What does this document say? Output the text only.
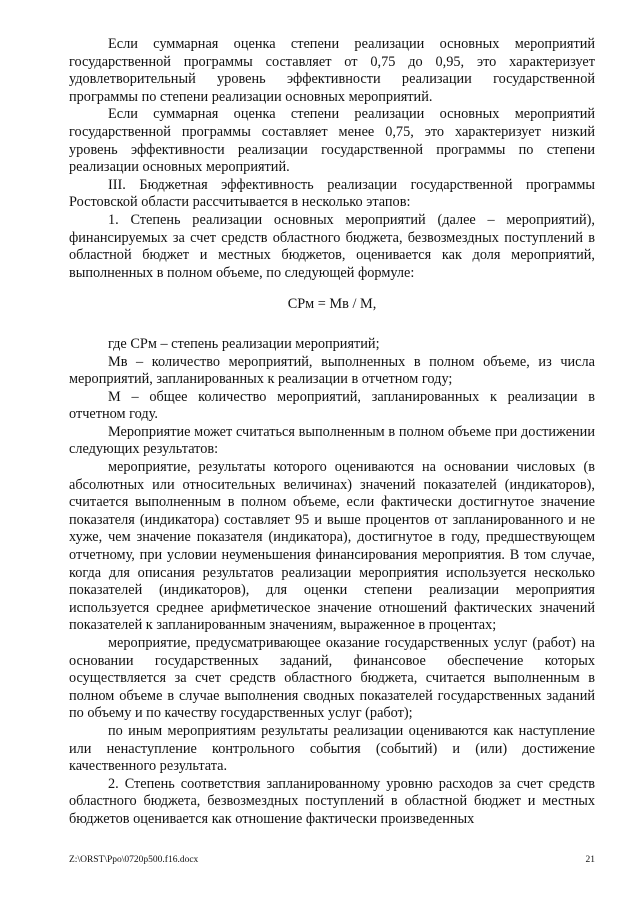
Если суммарная оценка степени реализации основных мероприятий государственной программы составляет от 0,75 до 0,95, это характеризует удовлетворительный уровень эффективности реализации государственной программы по степени реализации основных мероприятий.

Если суммарная оценка степени реализации основных мероприятий государственной программы составляет менее 0,75, это характеризует низкий уровень эффективности реализации государственной программы по степени реализации основных мероприятий.

III. Бюджетная эффективность реализации государственной программы Ростовской области рассчитывается в несколько этапов:

1. Степень реализации основных мероприятий (далее – мероприятий), финансируемых за счет средств областного бюджета, безвозмездных поступлений в областной бюджет и местных бюджетов, оценивается как доля мероприятий, выполненных в полном объеме, по следующей формуле:

СРм = Мв / М,

где СРм – степень реализации мероприятий;

Мв – количество мероприятий, выполненных в полном объеме, из числа мероприятий, запланированных к реализации в отчетном году;

М – общее количество мероприятий, запланированных к реализации в отчетном году.

Мероприятие может считаться выполненным в полном объеме при достижении следующих результатов:

мероприятие, результаты которого оцениваются на основании числовых (в абсолютных или относительных величинах) значений показателей (индикаторов), считается выполненным в полном объеме, если фактически достигнутое значение показателя (индикатора) составляет 95 и выше процентов от запланированного и не хуже, чем значение показателя (индикатора), достигнутое в году, предшествующем отчетному, при условии неуменьшения финансирования мероприятия. В том случае, когда для описания результатов реализации мероприятия используется несколько показателей (индикаторов), для оценки степени реализации мероприятия используется среднее арифметическое значение отношений фактических значений показателей к запланированным значениям, выраженное в процентах;

мероприятие, предусматривающее оказание государственных услуг (работ) на основании государственных заданий, финансовое обеспечение которых осуществляется за счет средств областного бюджета, считается выполненным в полном объеме в случае выполнения сводных показателей государственных заданий по объему и по качеству государственных услуг (работ);

по иным мероприятиям результаты реализации оцениваются как наступление или ненаступление контрольного события (событий) и (или) достижение качественного результата.

2. Степень соответствия запланированному уровню расходов за счет средств областного бюджета, безвозмездных поступлений в областной бюджет и местных бюджетов оценивается как отношение фактически произведенных

Z:\ORST\Ppo\0720p500.f16.docx	21
